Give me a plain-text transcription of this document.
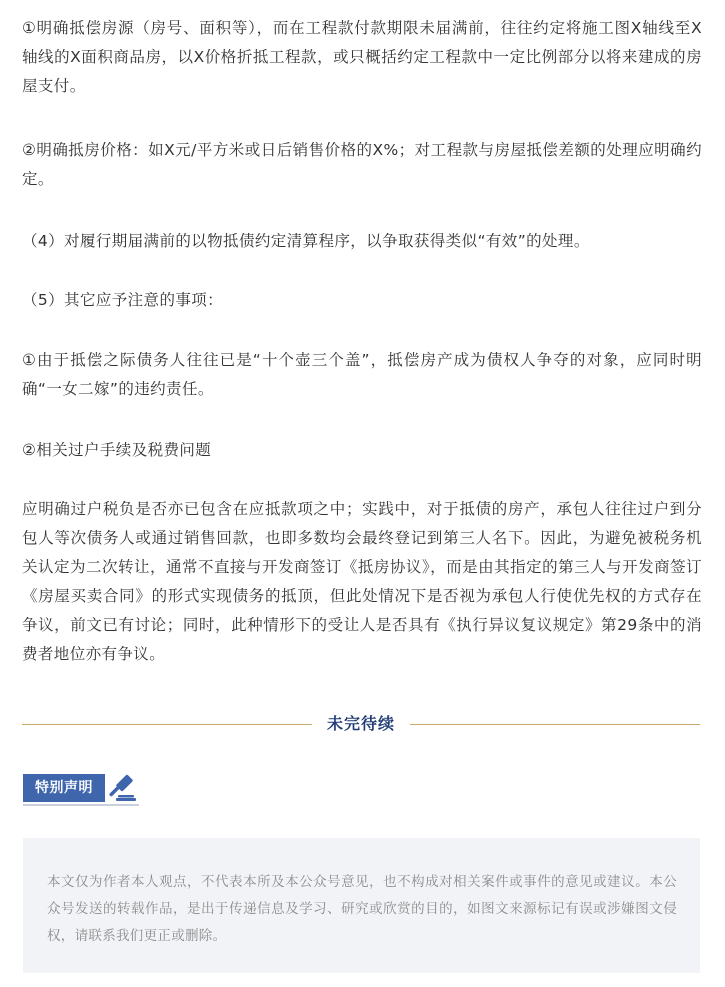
①明确抵偿房源（房号、面积等），而在工程款付款期限未届满前，往往约定将施工图X轴线至X轴线的X面积商品房，以X价格折抵工程款，或只概括约定工程款中一定比例部分以将来建成的房屋支付。

②明确抵房价格：如X元/平方米或日后销售价格的X%；对工程款与房屋抵偿差额的处理应明确约定。

（4）对履行期届满前的以物抵债约定清算程序，以争取获得类似“有效”的处理。

（5）其它应予注意的事项：

①由于抵偿之际债务人往往已是“十个壶三个盖”，抵偿房产成为债权人争夺的对象，应同时明确“一女二嫁”的违约责任。

②相关过户手续及税费问题

应明确过户税负是否亦已包含在应抵款项之中；实践中，对于抵债的房产，承包人往往过户到分包人等次债务人或通过销售回款，也即多数均会最终登记到第三人名下。因此，为避免被税务机关认定为二次转让，通常不直接与开发商签订《抵房协议》，而是由其指定的第三人与开发商签订《房屋买卖合同》的形式实现债务的抵顶，但此处情况下是否视为承包人行使优先权的方式存在争议，前文已有讨论；同时，此种情形下的受让人是否具有《执行异议复议规定》第29条中的消费者地位亦有争议。

未完待续
特别声明

本文仅为作者本人观点，不代表本所及本公众号意见，也不构成对相关案件或事件的意见或建议。本公众号发送的转载作品，是出于传递信息及学习、研究或欣赏的目的，如图文来源标记有误或涉嫌图文侵权，请联系我们更正或删除。
